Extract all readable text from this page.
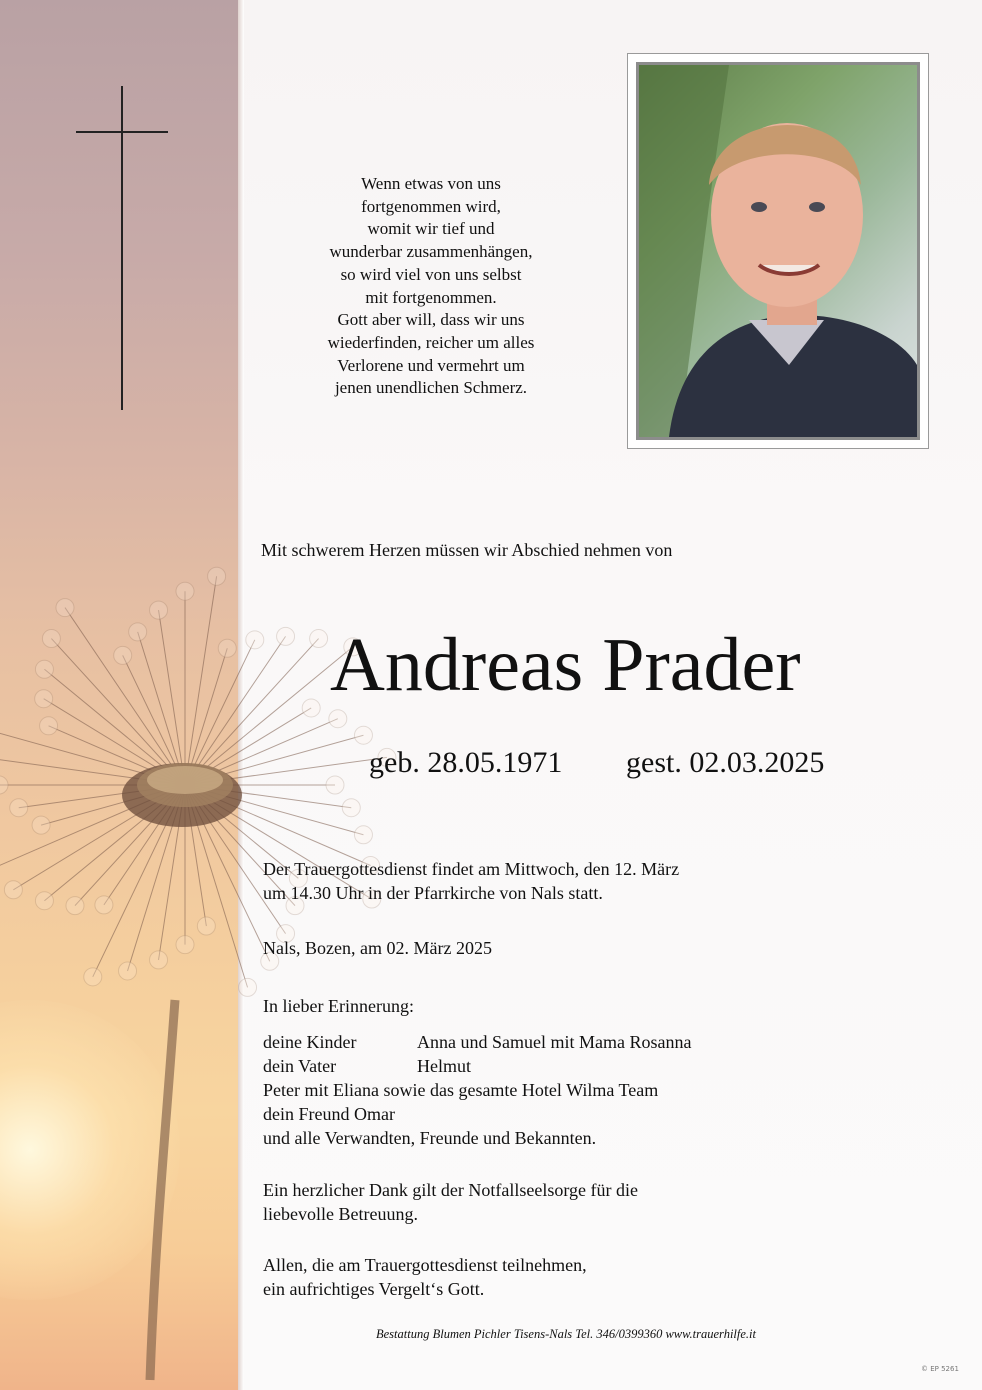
Wenn etwas von uns
fortgenommen wird,
womit wir tief und
wunderbar zusammenhängen,
so wird viel von uns selbst
mit fortgenommen.
Gott aber will, dass wir uns
wiederfinden, reicher um alles
Verlorene und vermehrt um
jenen unendlichen Schmerz.

Mit schwerem Herzen müssen wir Abschied nehmen von

Andreas Prader
geb. 28.05.1971 gest. 02.03.2025

Der Trauergottesdienst findet am Mittwoch, den 12. März
um 14.30 Uhr in der Pfarrkirche von Nals statt.

Nals, Bozen, am 02. März 2025

In lieber Erinnerung:

deine Kinder	Anna und Samuel mit Mama Rosanna
dein Vater	Helmut
Peter mit Eliana sowie das gesamte Hotel Wilma Team
dein Freund Omar
und alle Verwandten, Freunde und Bekannten.

Ein herzlicher Dank gilt der Notfallseelsorge für die
liebevolle Betreuung.

Allen, die am Trauergottesdienst teilnehmen,
ein aufrichtiges Vergelt‘s Gott.

Bestattung Blumen Pichler Tisens-Nals Tel. 346/0399360 www.trauerhilfe.it
© EP 5261
